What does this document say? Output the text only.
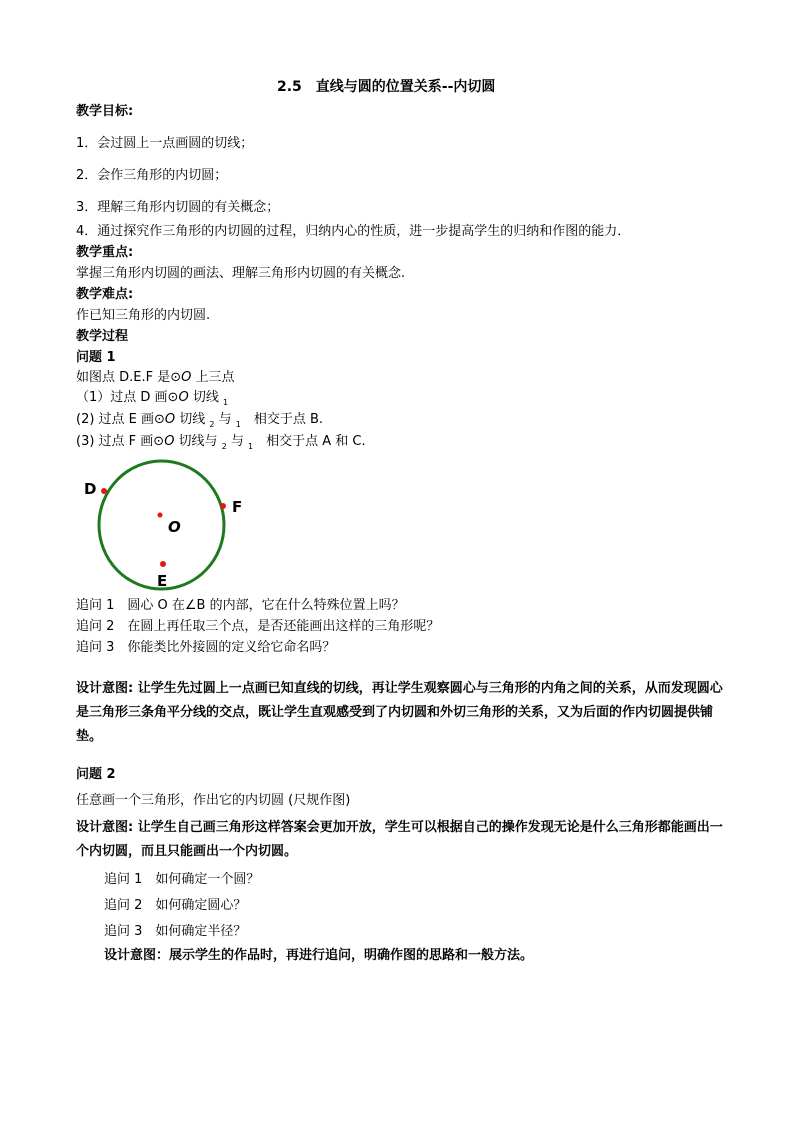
2.5　直线与圆的位置关系--内切圆
教学目标:
1．会过圆上一点画圆的切线；
2．会作三角形的内切圆；
3．理解三角形内切圆的有关概念；
4．通过探究作三角形的内切圆的过程，归纳内心的性质，进一步提高学生的归纳和作图的能力．
教学重点:
掌握三角形内切圆的画法、理解三角形内切圆的有关概念.
教学难点:
作已知三角形的内切圆.
教学过程
问题 1
如图点 D.E.F 是⊙O 上三点
（1）过点 D 画⊙O 切线 $_1$
(2) 过点 E 画⊙O 切线 $_2$ 与 $_1$　相交于点 B.
(3) 过点 F 画⊙O 切线与 $_2$ 与 $_1$　相交于点 A 和 C.
D
F
E
O
追问 1　圆心 O 在∠B 的内部，它在什么特殊位置上吗？
追问 2　在圆上再任取三个点，是否还能画出这样的三角形呢？
追问 3　你能类比外接圆的定义给它命名吗？
设计意图: 让学生先过圆上一点画已知直线的切线，再让学生观察圆心与三角形的内角之间的关系，从而发现圆心是三角形三条角平分线的交点，既让学生直观感受到了内切圆和外切三角形的关系，又为后面的作内切圆提供铺垫。
问题 2
任意画一个三角形，作出它的内切圆 (尺规作图)
设计意图: 让学生自己画三角形这样答案会更加开放，学生可以根据自己的操作发现无论是什么三角形都能画出一个内切圆，而且只能画出一个内切圆。
追问 1　如何确定一个圆？
追问 2　如何确定圆心？
追问 3　如何确定半径？
设计意图：展示学生的作品时，再进行追问，明确作图的思路和一般方法。
